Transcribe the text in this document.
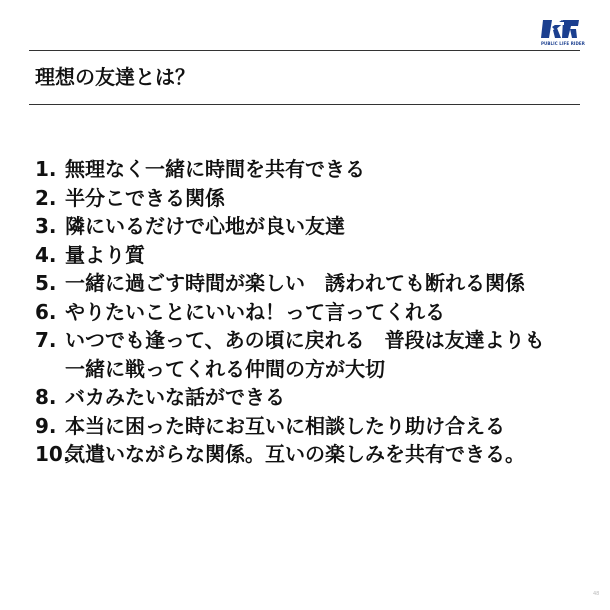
PUBLIC LIFE RIDER
理想の友達とは？
1. 無理なく一緒に時間を共有できる
2. 半分こできる関係
3. 隣にいるだけで心地が良い友達
4. 量より質
5. 一緒に過ごす時間が楽しい　誘われても断れる関係
6. やりたいことにいいね！って言ってくれる
7. いつでも逢って、あの頃に戻れる　普段は友達よりも
一緒に戦ってくれる仲間の方が大切
8. バカみたいな話ができる
9. 本当に困った時にお互いに相談したり助け合える
10.
気遣いながらな関係。互いの楽しみを共有できる。
48
